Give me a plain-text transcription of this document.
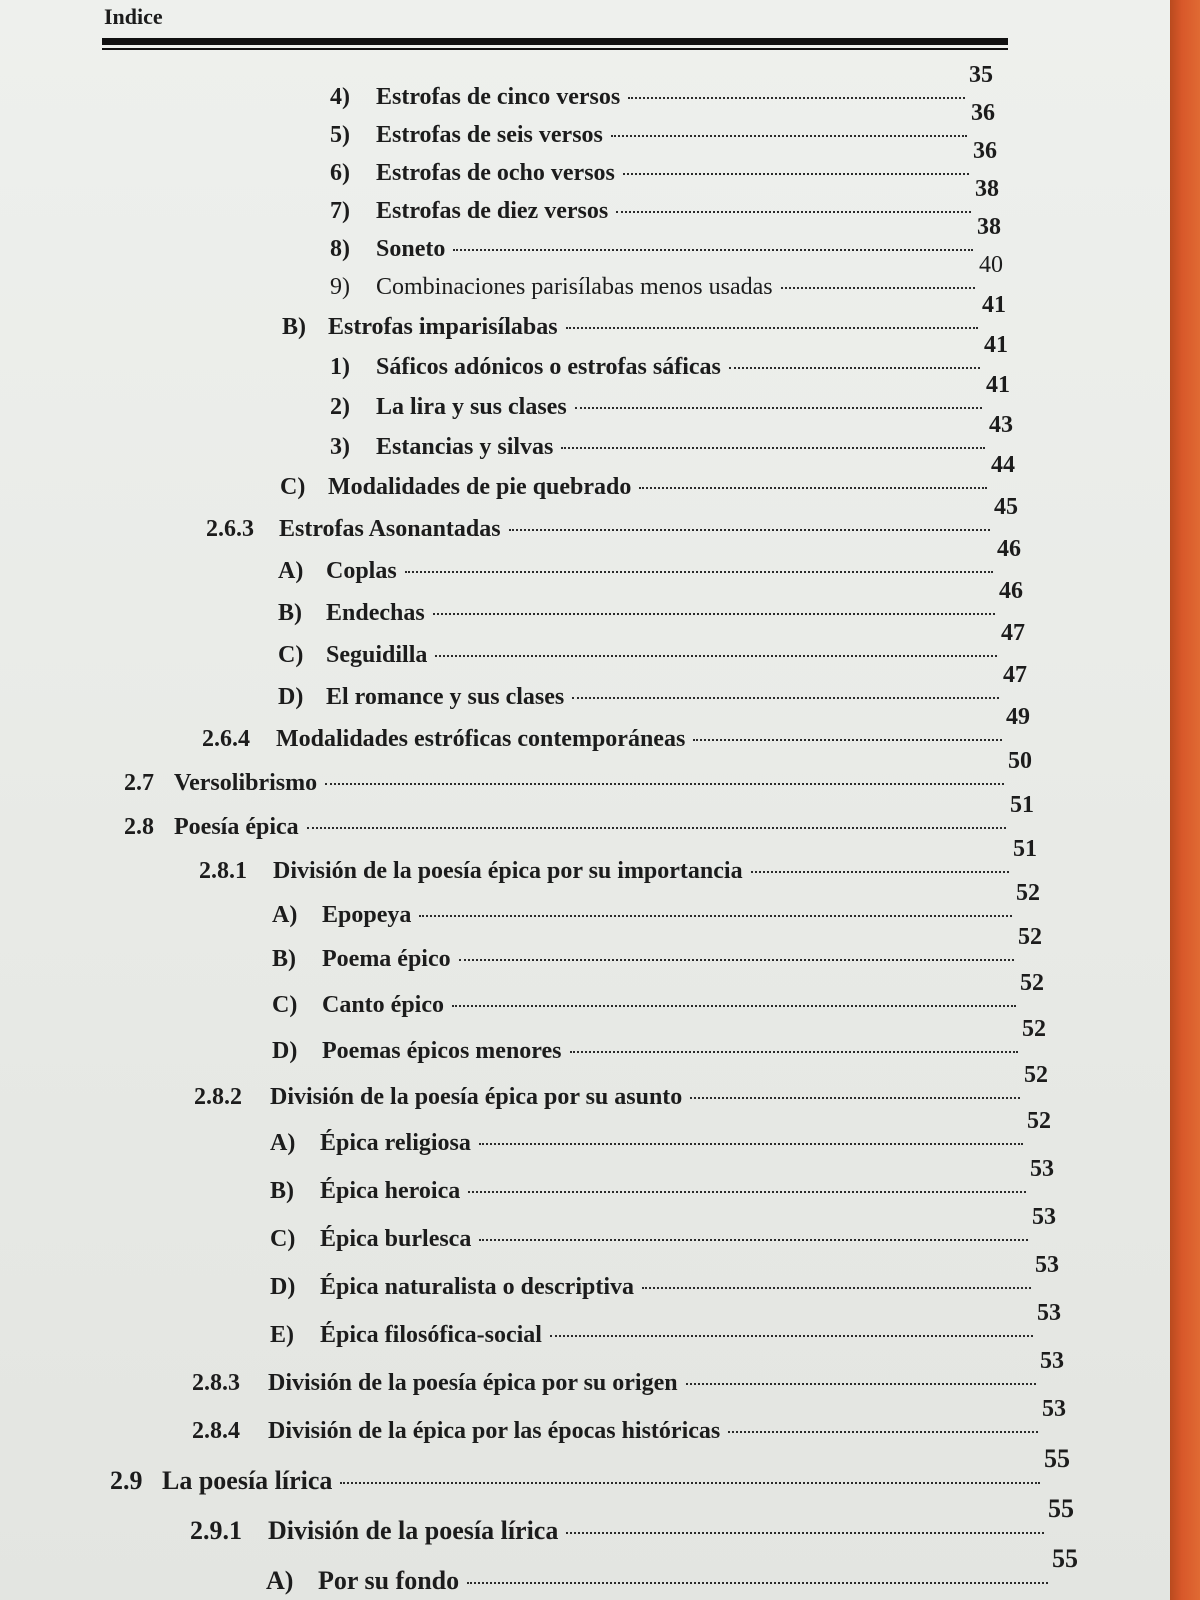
Indice
4)	Estrofas de cinco versos
35
5)	Estrofas de seis versos
36
6)	Estrofas de ocho versos
36
7)	Estrofas de diez versos
38
8)	Soneto
38
9)	Combinaciones parisílabas menos usadas
40
B) Estrofas imparisílabas
41
1)	Sáficos adónicos o estrofas sáficas
41
2)	La lira y sus clases
41
3)	Estancias y silvas
43
C) Modalidades de pie quebrado
44
2.6.3	Estrofas Asonantadas
45
A) Coplas
46
B)	Endechas
46
C) Seguidilla
47
D) El romance y sus clases
47
2.6.4	Modalidades estróficas contemporáneas
49
2.7 Versolibrismo
50
2.8 Poesía épica
51
2.8.1	División de la poesía épica por su importancia
51
A)	Epopeya
52
B)	Poema épico
52
C)	Canto épico
52
D)	Poemas épicos menores
52
2.8.2	División de la poesía épica por su asunto
52
A)	Épica religiosa
52
B)	Épica heroica
53
C)	Épica burlesca
53
D)	Épica naturalista o descriptiva
53
E)	Épica filosófica-social
53
2.8.3	División de la poesía épica por su origen
53
2.8.4	División de la épica por las épocas históricas
53
2.9 La poesía lírica
55
2.9.1	División de la poesía lírica
55
A) Por su fondo
55
